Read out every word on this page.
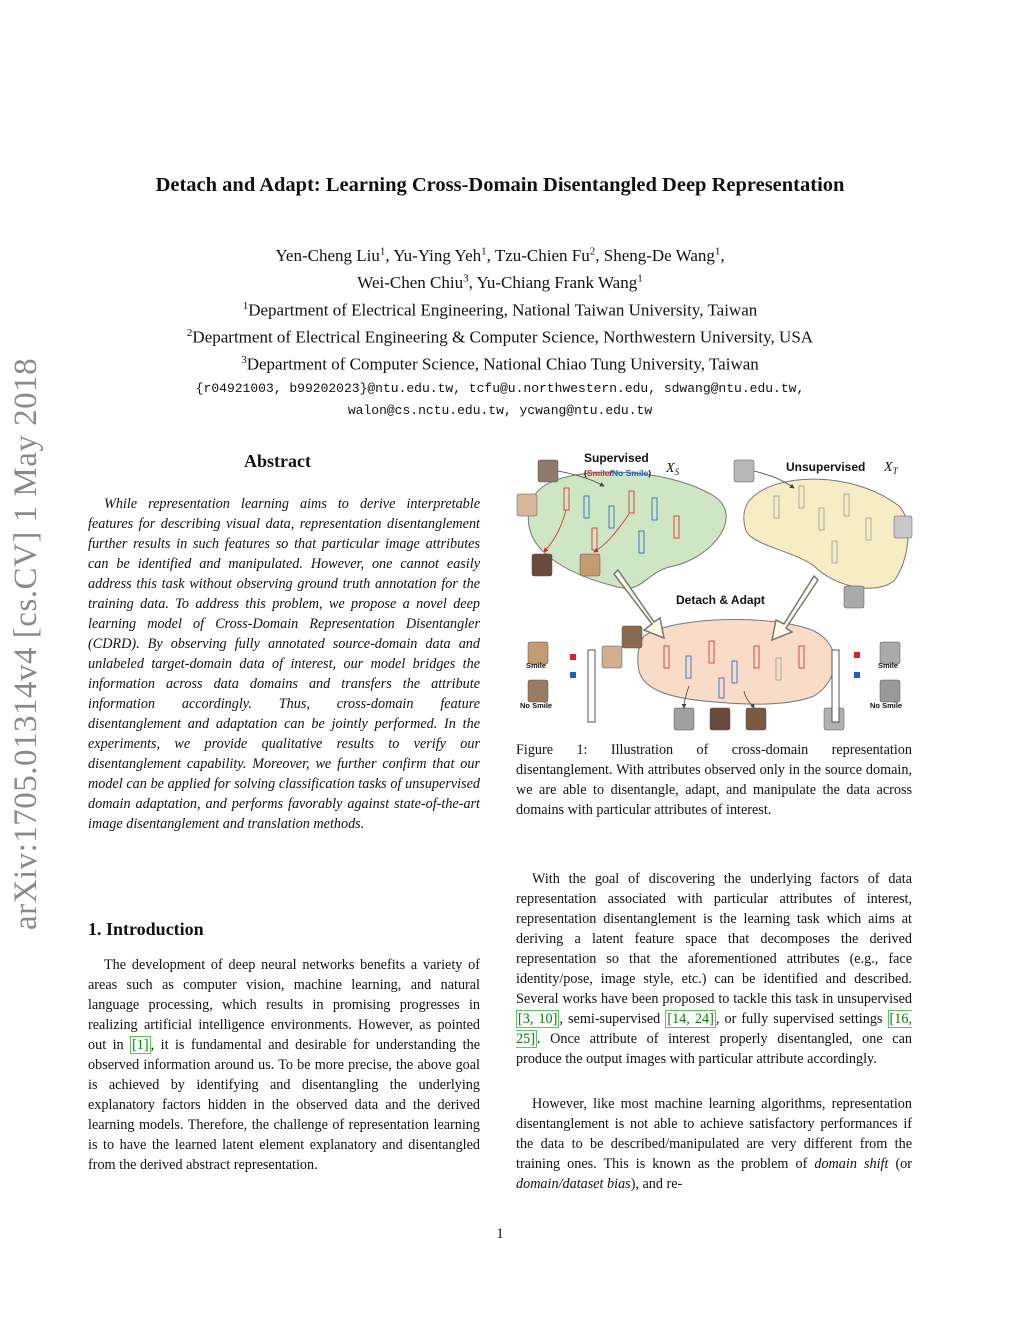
arXiv:1705.01314v4 [cs.CV] 1 May 2018
Detach and Adapt: Learning Cross-Domain Disentangled Deep Representation
Yen-Cheng Liu$^1$, Yu-Ying Yeh$^1$, Tzu-Chien Fu$^2$, Sheng-De Wang$^1$,
Wei-Chen Chiu$^3$, Yu-Chiang Frank Wang$^1$
$^1$Department of Electrical Engineering, National Taiwan University, Taiwan
$^2$Department of Electrical Engineering & Computer Science, Northwestern University, USA
$^3$Department of Computer Science, National Chiao Tung University, Taiwan
{r04921003, b99202023}@ntu.edu.tw, tcfu@u.northwestern.edu, sdwang@ntu.edu.tw,
walon@cs.nctu.edu.tw, ycwang@ntu.edu.tw
Abstract

While representation learning aims to derive interpretable features for describing visual data, representation disentanglement further results in such features so that particular image attributes can be identified and manipulated. However, one cannot easily address this task without observing ground truth annotation for the training data. To address this problem, we propose a novel deep learning model of Cross-Domain Representation Disentangler (CDRD). By observing fully annotated source-domain data and unlabeled target-domain data of interest, our model bridges the information across data domains and transfers the attribute information accordingly. Thus, cross-domain feature disentanglement and adaptation can be jointly performed. In the experiments, we provide qualitative results to verify our disentanglement capability. Moreover, we further confirm that our model can be applied for solving classification tasks of unsupervised domain adaptation, and performs favorably against state-of-the-art image disentanglement and translation methods.

1. Introduction

The development of deep neural networks benefits a variety of areas such as computer vision, machine learning, and natural language processing, which results in promising progresses in realizing artificial intelligence environments. However, as pointed out in [1] , it is fundamental and desirable for understanding the observed information around us. To be more precise, the above goal is achieved by identifying and disentangling the underlying explanatory factors hidden in the observed data and the derived learning models. Therefore, the challenge of representation learning is to have the learned latent element explanatory and disentangled from the derived abstract representation.

Supervised
(Smile/No Smile) $X_S$	Unsupervised $X_T$
Detach & Adapt
Smile
No Smile
Smile
No Smile

Figure 1: Illustration of cross-domain representation disentanglement. With attributes observed only in the source domain, we are able to disentangle, adapt, and manipulate the data across domains with particular attributes of interest.

With the goal of discovering the underlying factors of data representation associated with particular attributes of interest, representation disentanglement is the learning task which aims at deriving a latent feature space that decomposes the derived representation so that the aforementioned attributes (e.g., face identity/pose, image style, etc.) can be identified and described. Several works have been proposed to tackle this task in unsupervised [3, 10] , semi-supervised [14, 24] , or fully supervised settings [16, 25] . Once attribute of interest properly disentangled, one can produce the output images with particular attribute accordingly.

However, like most machine learning algorithms, representation disentanglement is not able to achieve satisfactory performances if the data to be described/manipulated are very different from the training ones. This is known as the problem of domain shift (or domain/dataset bias), and re-

1
